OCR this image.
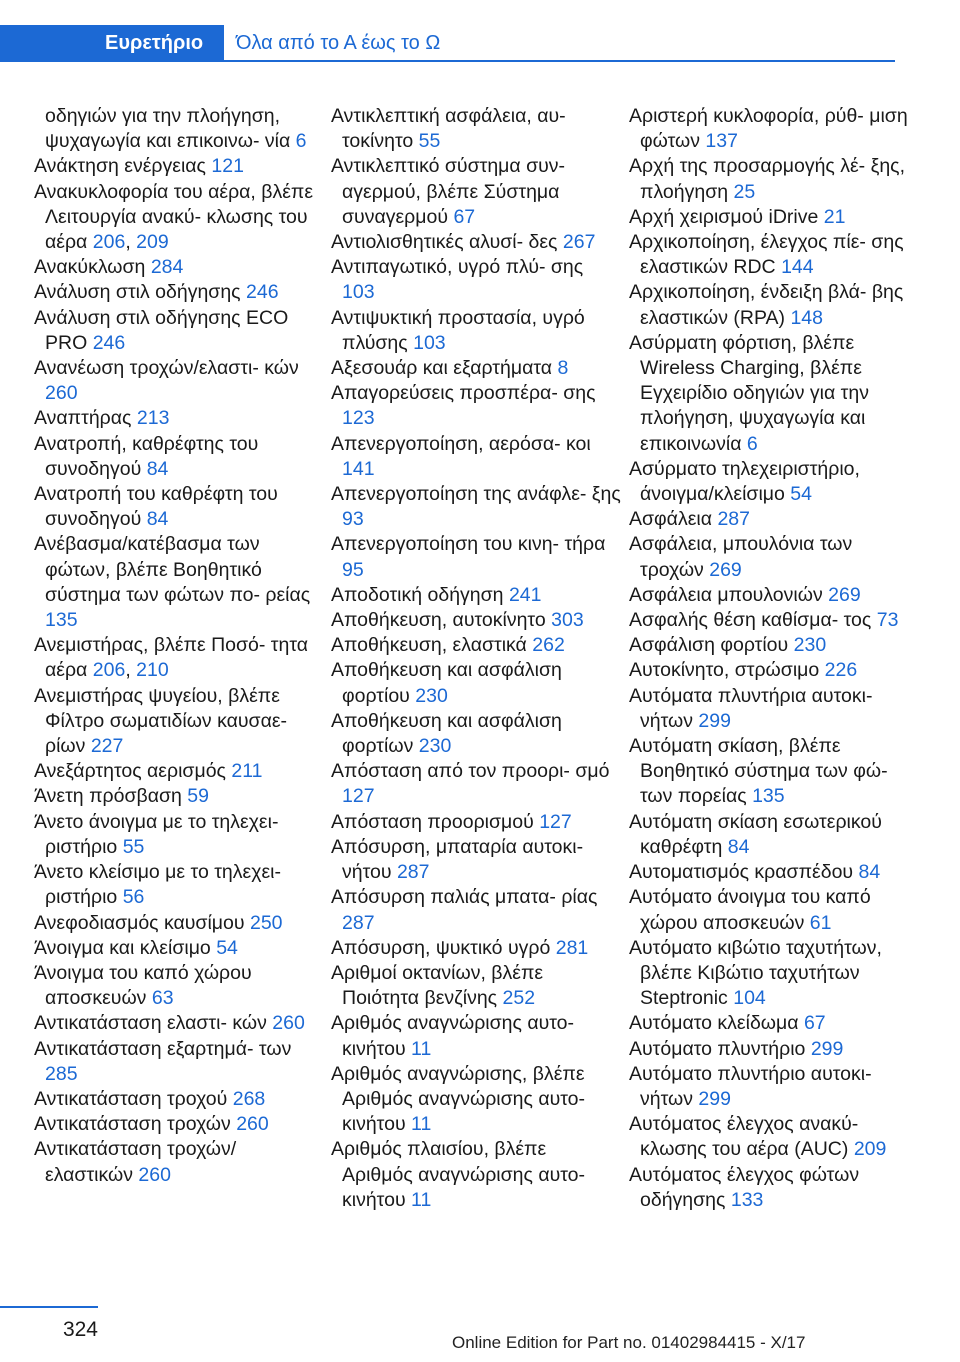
Ευρετήριο	Όλα από το Α έως το Ω
οδηγιών για την πλοήγηση, ψυχαγωγία και επικοινω‐ νία 6
Ανάκτηση ενέργειας 121
Ανακυκλοφορία του αέρα, βλέπε Λειτουργία ανακύ‐ κλωσης του αέρα 206, 209
Ανακύκλωση 284
Ανάλυση στιλ οδήγησης 246
Ανάλυση στιλ οδήγησης ECO PRO 246
Ανανέωση τροχών/ελαστι‐ κών 260
Αναπτήρας 213
Ανατροπή, καθρέφτης του συνοδηγού 84
Ανατροπή του καθρέφτη του συνοδηγού 84
Ανέβασμα/κατέβασμα των φώτων, βλέπε Βοηθητικό σύστημα των φώτων πο‐ ρείας 135
Ανεμιστήρας, βλέπε Ποσό‐ τητα αέρα 206, 210
Ανεμιστήρας ψυγείου, βλέπε Φίλτρο σωματιδίων καυσαε‐ ρίων 227
Ανεξάρτητος αερισμός 211
Άνετη πρόσβαση 59
Άνετο άνοιγμα με το τηλεχει‐ ριστήριο 55
Άνετο κλείσιμο με το τηλεχει‐ ριστήριο 56
Ανεφοδιασμός καυσίμου 250
Άνοιγμα και κλείσιμο 54
Άνοιγμα του καπό χώρου αποσκευών 63
Αντικατάσταση ελαστι‐ κών 260
Αντικατάσταση εξαρτημά‐ των 285
Αντικατάσταση τροχού 268
Αντικατάσταση τροχών 260
Αντικατάσταση τροχών/ ελαστικών 260
Αντικλεπτική ασφάλεια, αυ‐ τοκίνητο 55
Αντικλεπτικό σύστημα συν‐ αγερμού, βλέπε Σύστημα συναγερμού 67
Αντιολισθητικές αλυσί‐ δες 267
Αντιπαγωτικό, υγρό πλύ‐ σης 103
Αντιψυκτική προστασία, υγρό πλύσης 103
Αξεσουάρ και εξαρτήματα 8
Απαγορεύσεις προσπέρα‐ σης 123
Απενεργοποίηση, αερόσα‐ κοι 141
Απενεργοποίηση της ανάφλε‐ ξης 93
Απενεργοποίηση του κινη‐ τήρα 95
Αποδοτική οδήγηση 241
Αποθήκευση, αυτοκίνητο 303
Αποθήκευση, ελαστικά 262
Αποθήκευση και ασφάλιση φορτίου 230
Αποθήκευση και ασφάλιση φορτίων 230
Απόσταση από τον προορι‐ σμό 127
Απόσταση προορισμού 127
Απόσυρση, μπαταρία αυτοκι‐ νήτου 287
Απόσυρση παλιάς μπατα‐ ρίας 287
Απόσυρση, ψυκτικό υγρό 281
Αριθμοί οκτανίων, βλέπε Ποιότητα βενζίνης 252
Αριθμός αναγνώρισης αυτο‐ κινήτου 11
Αριθμός αναγνώρισης, βλέπε Αριθμός αναγνώρισης αυτο‐ κινήτου 11
Αριθμός πλαισίου, βλέπε Αριθμός αναγνώρισης αυτο‐ κινήτου 11
Αριστερή κυκλοφορία, ρύθ‐ μιση φώτων 137
Αρχή της προσαρμογής λέ‐ ξης, πλοήγηση 25
Αρχή χειρισμού iDrive 21
Αρχικοποίηση, έλεγχος πίε‐ σης ελαστικών RDC 144
Αρχικοποίηση, ένδειξη βλά‐ βης ελαστικών (RPA) 148
Ασύρματη φόρτιση, βλέπε Wireless Charging, βλέπε Εγχειρίδιο οδηγιών για την πλοήγηση, ψυχαγωγία και επικοινωνία 6
Ασύρματο τηλεχειριστήριο, άνοιγμα/κλείσιμο 54
Ασφάλεια 287
Ασφάλεια, μπουλόνια των τροχών 269
Ασφάλεια μπουλονιών 269
Ασφαλής θέση καθίσμα‐ τος 73
Ασφάλιση φορτίου 230
Αυτοκίνητο, στρώσιμο 226
Αυτόματα πλυντήρια αυτοκι‐ νήτων 299
Αυτόματη σκίαση, βλέπε Βοηθητικό σύστημα των φώ‐ των πορείας 135
Αυτόματη σκίαση εσωτερικού καθρέφτη 84
Αυτοματισμός κρασπέδου 84
Αυτόματο άνοιγμα του καπό χώρου αποσκευών 61
Αυτόματο κιβώτιο ταχυτήτων, βλέπε Κιβώτιο ταχυτήτων Steptronic 104
Αυτόματο κλείδωμα 67
Αυτόματο πλυντήριο 299
Αυτόματο πλυντήριο αυτοκι‐ νήτων 299
Αυτόματος έλεγχος ανακύ‐ κλωσης του αέρα (AUC) 209
Αυτόματος έλεγχος φώτων οδήγησης 133
324
Online Edition for Part no. 01402984415 - X/17
